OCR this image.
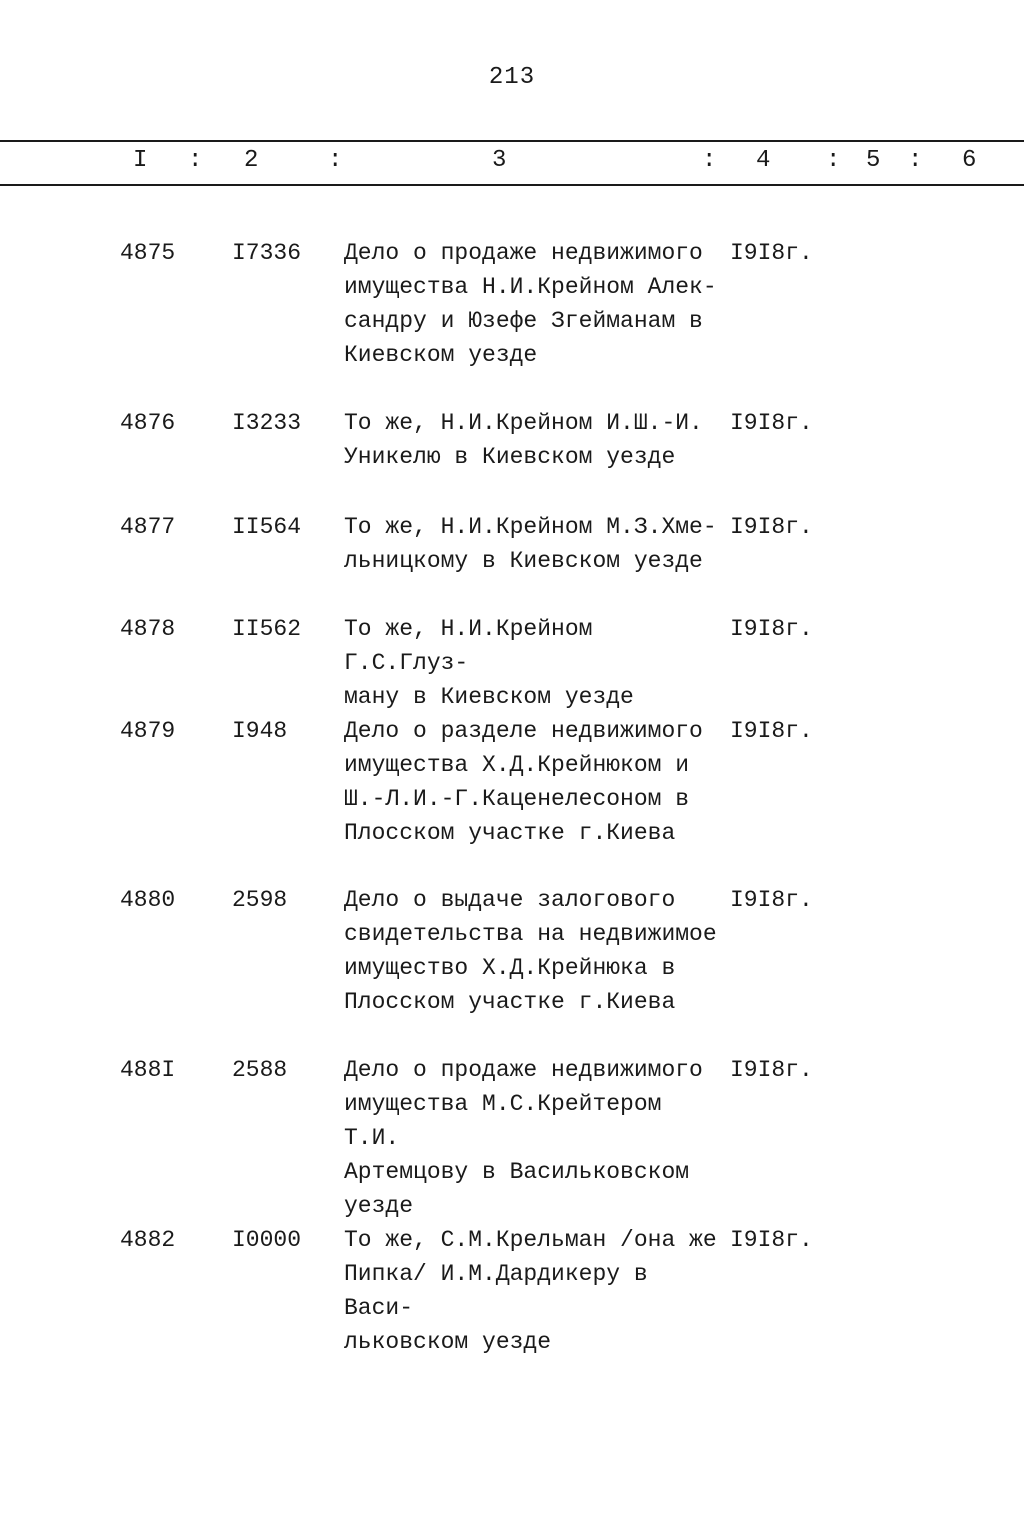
213
I : 2	:	3	: 4 : 5 : 6
4875 I7336 Дело о продаже недвижимого
имущества Н.И.Крейном Алек-
сандру и Юзефе Згейманам в
Киевском уезде
I9I8г.
4876 I3233 То же, Н.И.Крейном И.Ш.-И.
Уникелю в Киевском уезде
I9I8г.
4877 II564 То же, Н.И.Крейном М.З.Хме-
льницкому в Киевском уезде
I9I8г.
4878 II562 То же, Н.И.Крейном Г.С.Глуз-
ману в Киевском уезде
I9I8г.
4879 I948 Дело о разделе недвижимого
имущества Х.Д.Крейнюком и
Ш.-Л.И.-Г.Каценелесоном в
Плосском участке г.Киева
I9I8г.
4880 2598 Дело о выдаче залогового
свидетельства на недвижимое
имущество Х.Д.Крейнюка в
Плосском участке г.Киева
I9I8г.
488I 2588 Дело о продаже недвижимого
имущества М.С.Крейтером Т.И.
Артемцову в Васильковском
уезде
I9I8г.
4882 I0000 То же, С.М.Крельман /она же
Пипка/ И.М.Дардикеру в Васи-
льковском уезде
I9I8г.
